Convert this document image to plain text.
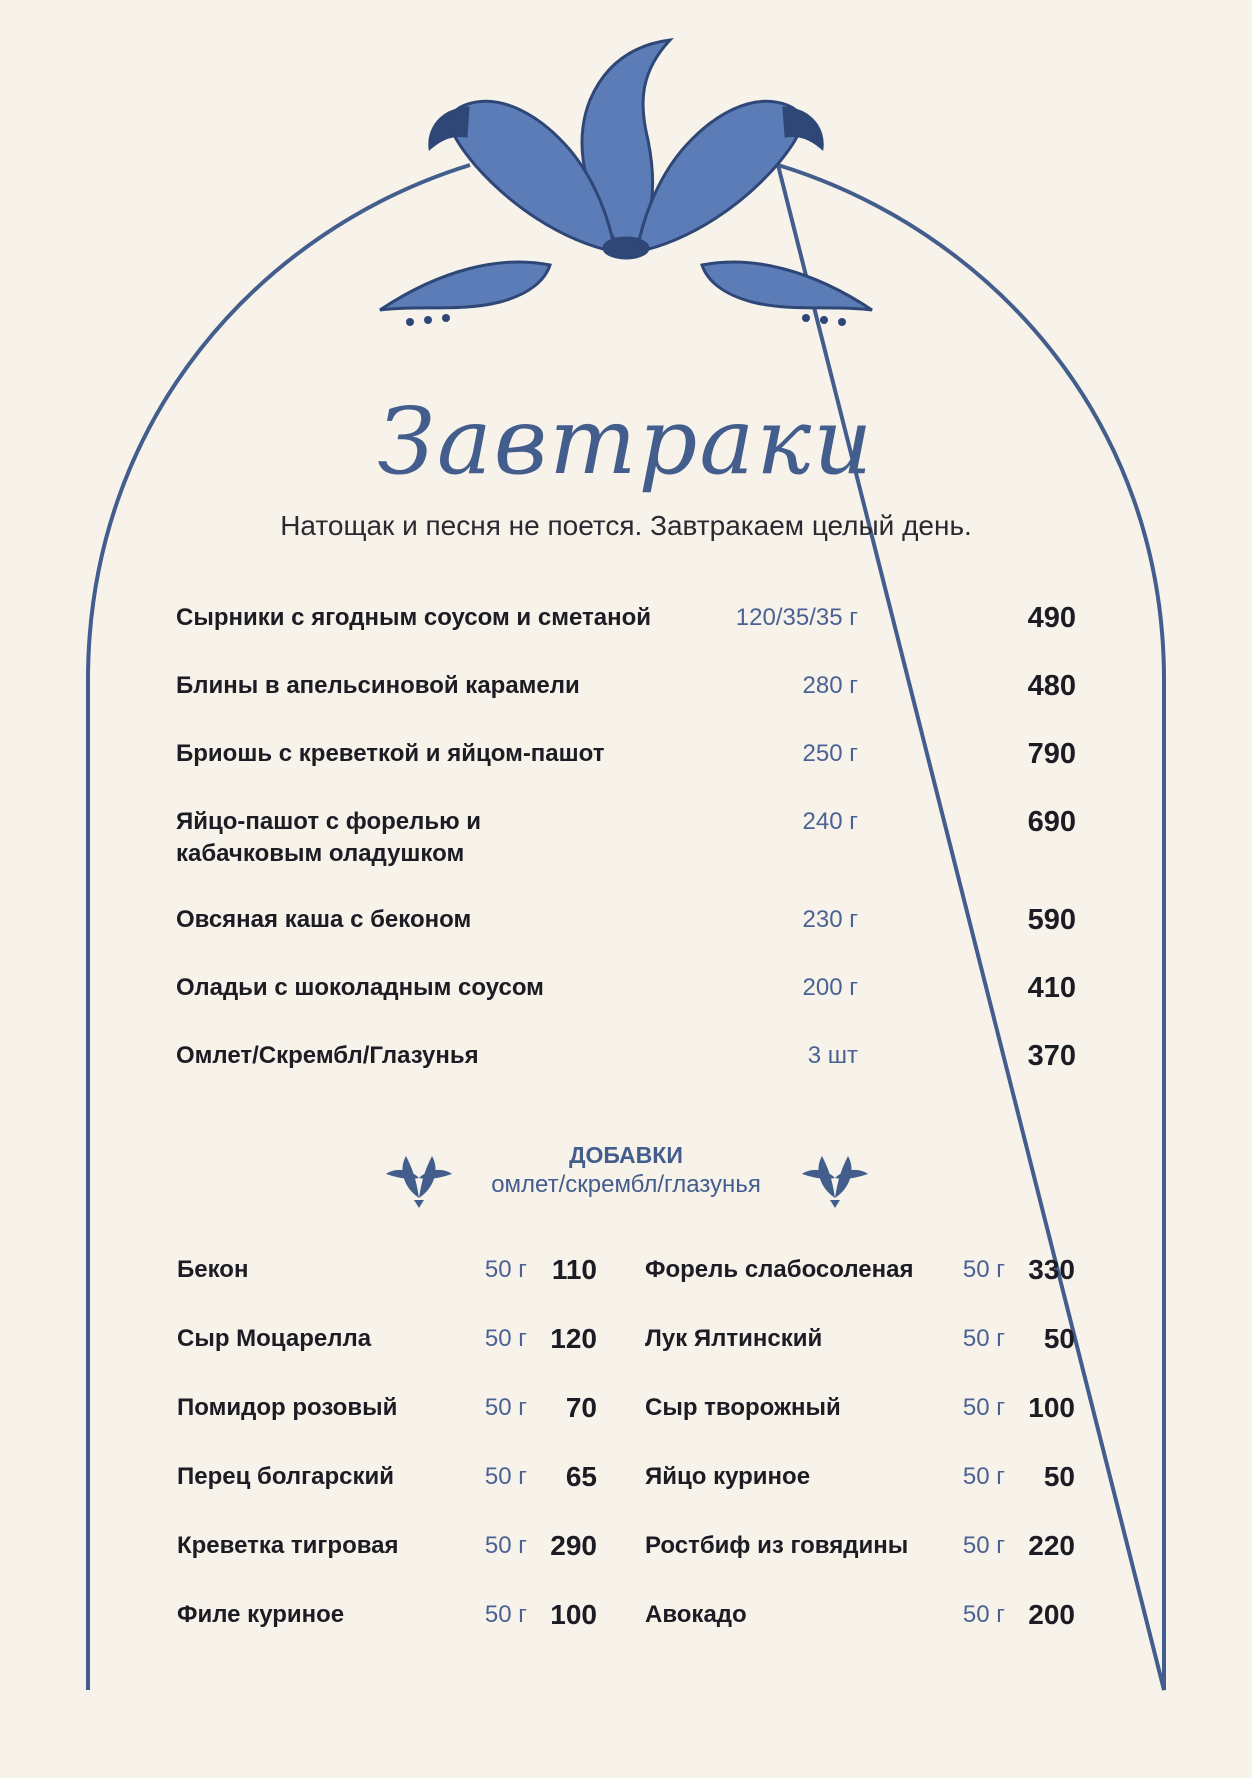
Завтраки
Натощак и песня не поется. Завтракаем целый день.
Сырники с ягодным соусом и сметаной	120/35/35 г	490
Блины в апельсиновой карамели	280 г	480
Бриошь с креветкой и яйцом-пашот	250 г	790
Яйцо-пашот с форелью и кабачковым оладушком
240 г	690
Овсяная каша с беконом	230 г	590
Оладьи с шоколадным соусом	200 г	410
Омлет/Скрембл/Глазунья	3 шт	370
ДОБАВКИ
омлет/скрембл/глазунья
Бекон	50 г 110
Сыр Моцарелла	50 г 120
Помидор розовый	50 г 70
Перец болгарский	50 г 65
Креветка тигровая	50 г 290
Филе куриное	50 г 100
Форель слабосоленая 50 г 330
Лук Ялтинский	50 г 50
Сыр творожный	50 г 100
Яйцо куриное	50 г 50
Ростбиф из говядины 50 г 220
Авокадо	50 г 200
